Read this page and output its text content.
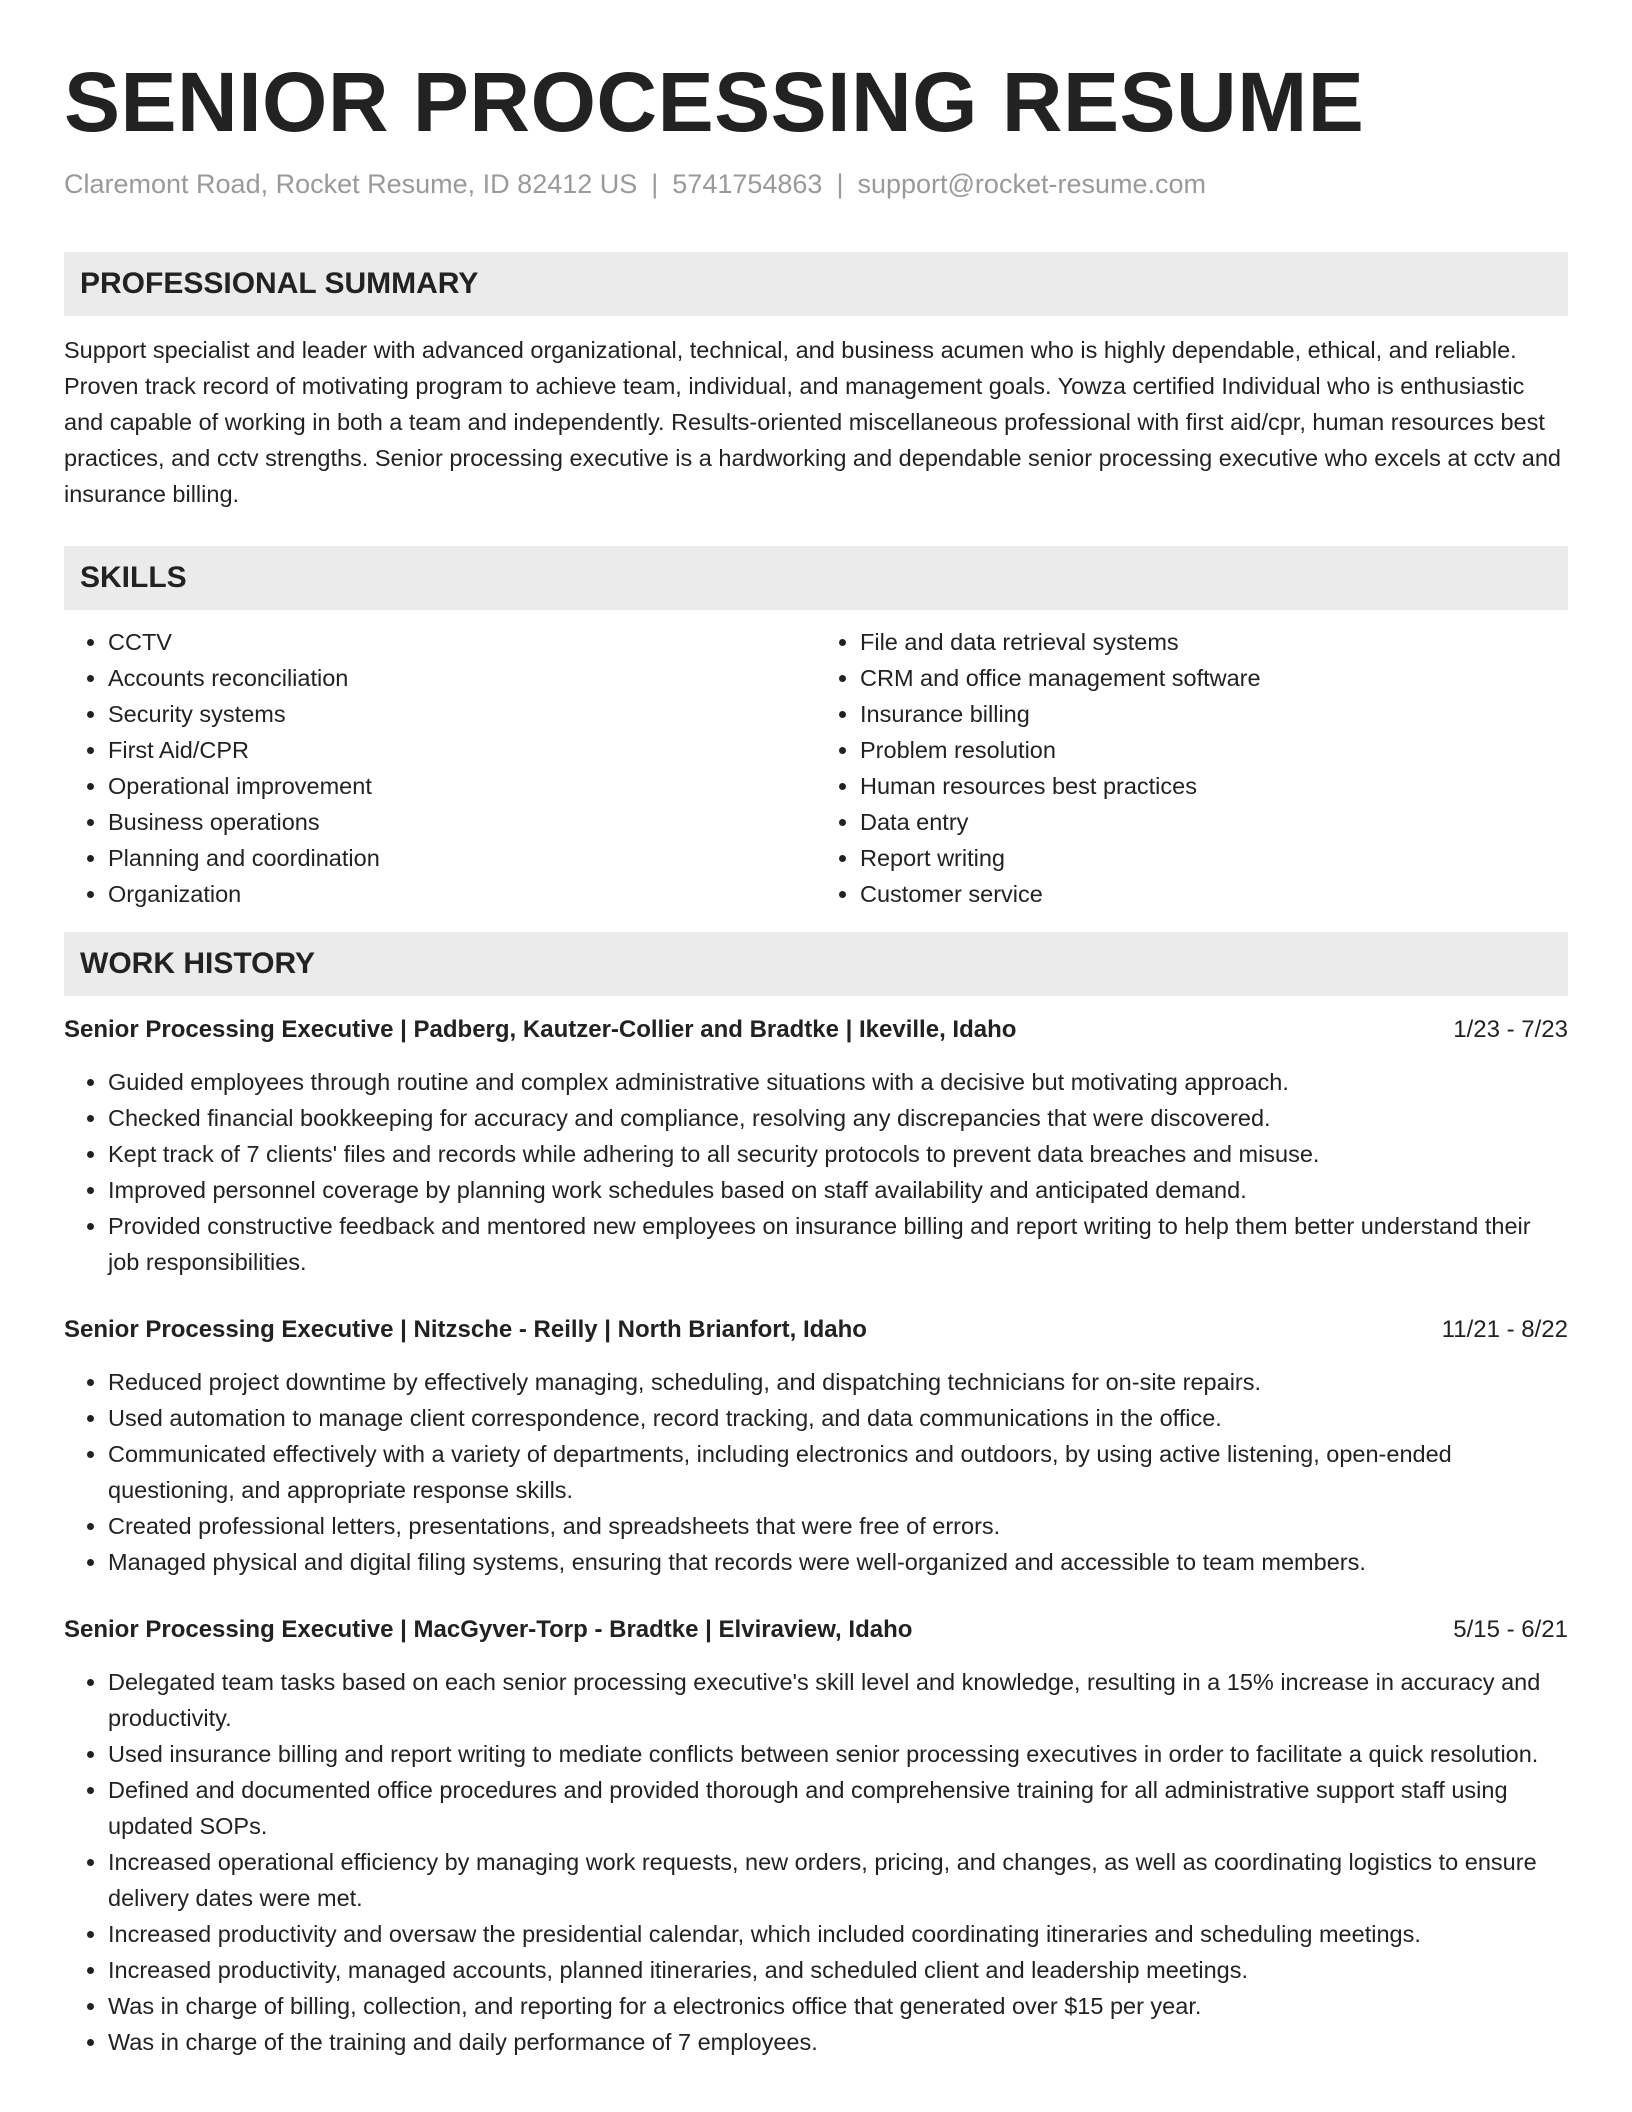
SENIOR PROCESSING RESUME
Claremont Road, Rocket Resume, ID 82412 US | 5741754863 | support@rocket-resume.com
PROFESSIONAL SUMMARY

Support specialist and leader with advanced organizational, technical, and business acumen who is highly dependable, ethical, and reliable. Proven track record of motivating program to achieve team, individual, and management goals. Yowza certified Individual who is enthusiastic and capable of working in both a team and independently. Results-oriented miscellaneous professional with first aid/cpr, human resources best practices, and cctv strengths. Senior processing executive is a hardworking and dependable senior processing executive who excels at cctv and insurance billing.

SKILLS
• CCTV
• Accounts reconciliation
• Security systems
• First Aid/CPR
• Operational improvement
• Business operations
• Planning and coordination
• Organization
• File and data retrieval systems
• CRM and office management software
• Insurance billing
• Problem resolution
• Human resources best practices
• Data entry
• Report writing
• Customer service
WORK HISTORY
Senior Processing Executive | Padberg, Kautzer-Collier and Bradtke | Ikeville, Idaho	1/23 - 7/23
• Guided employees through routine and complex administrative situations with a decisive but motivating approach.
• Checked financial bookkeeping for accuracy and compliance, resolving any discrepancies that were discovered.
• Kept track of 7 clients' files and records while adhering to all security protocols to prevent data breaches and misuse.
• Improved personnel coverage by planning work schedules based on staff availability and anticipated demand.
• Provided constructive feedback and mentored new employees on insurance billing and report writing to help them better understand their job responsibilities.
Senior Processing Executive | Nitzsche - Reilly | North Brianfort, Idaho	11/21 - 8/22
• Reduced project downtime by effectively managing, scheduling, and dispatching technicians for on-site repairs.
• Used automation to manage client correspondence, record tracking, and data communications in the office.
• Communicated effectively with a variety of departments, including electronics and outdoors, by using active listening, open-ended questioning, and appropriate response skills.
• Created professional letters, presentations, and spreadsheets that were free of errors.
• Managed physical and digital filing systems, ensuring that records were well-organized and accessible to team members.
Senior Processing Executive | MacGyver-Torp - Bradtke | Elviraview, Idaho	5/15 - 6/21
• Delegated team tasks based on each senior processing executive's skill level and knowledge, resulting in a 15% increase in accuracy and productivity.
• Used insurance billing and report writing to mediate conflicts between senior processing executives in order to facilitate a quick resolution.
• Defined and documented office procedures and provided thorough and comprehensive training for all administrative support staff using updated SOPs.
• Increased operational efficiency by managing work requests, new orders, pricing, and changes, as well as coordinating logistics to ensure delivery dates were met.
• Increased productivity and oversaw the presidential calendar, which included coordinating itineraries and scheduling meetings.
• Increased productivity, managed accounts, planned itineraries, and scheduled client and leadership meetings.
• Was in charge of billing, collection, and reporting for a electronics office that generated over $15 per year.
• Was in charge of the training and daily performance of 7 employees.
